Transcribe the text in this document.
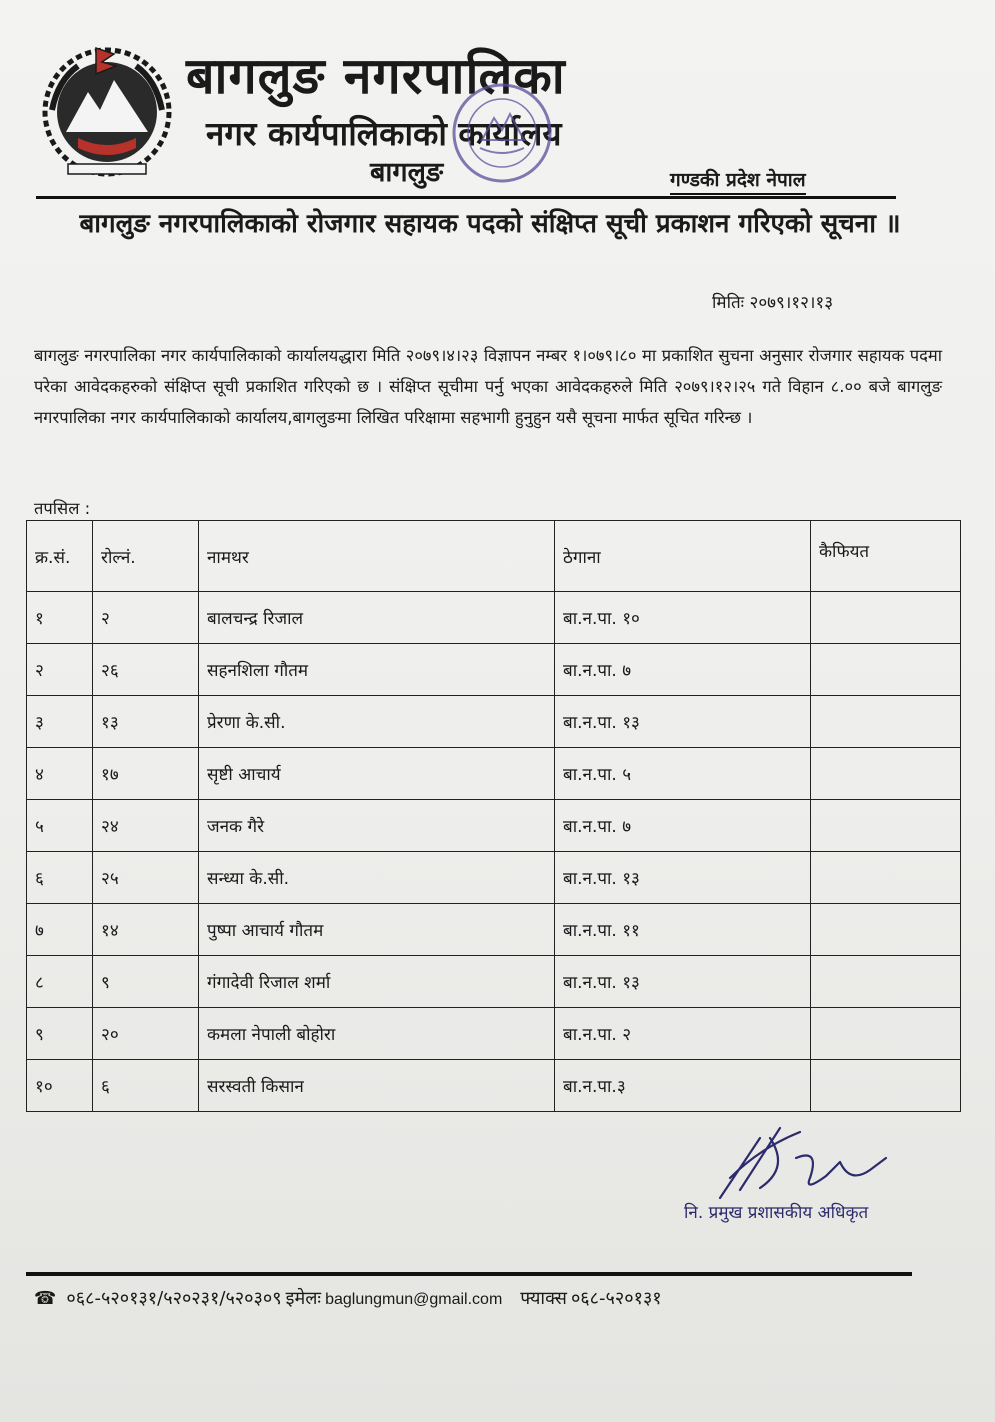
बागलुङ नगरपालिका
नगर कार्यपालिकाको कार्यालय
बागलुङ	गण्डकी प्रदेश नेपाल
बागलुङ नगरपालिकाको रोजगार सहायक पदको संक्षिप्त सूची प्रकाशन गरिएको सूचना ॥
मितिः २०७९।१२।१३
बागलुङ नगरपालिका नगर कार्यपालिकाको कार्यालयद्धारा मिति २०७९।४।२३ विज्ञापन नम्बर १।०७९।८० मा प्रकाशित सुचना अनुसार रोजगार सहायक पदमा परेका आवेदकहरुको संक्षिप्त सूची प्रकाशित गरिएको छ । संक्षिप्त सूचीमा पर्नु भएका आवेदकहरुले मिति २०७९।१२।२५ गते विहान ८.०० बजे बागलुङ नगरपालिका नगर कार्यपालिकाको कार्यालय,बागलुङमा लिखित परिक्षामा सहभागी हुनुहुन यसै सूचना मार्फत सूचित गरिन्छ ।
तपसिल :
क्र.सं.	रोल्नं.	नामथर	ठेगाना	कैफियत
१	२	बालचन्द्र रिजाल	बा.न.पा. १०	
२	२६	सहनशिला गौतम	बा.न.पा. ७	
३	१३	प्रेरणा के.सी.	बा.न.पा. १३	
४	१७	सृष्टी आचार्य	बा.न.पा. ५	
५	२४	जनक गैरे	बा.न.पा. ७	
६	२५	सन्ध्या के.सी.	बा.न.पा. १३	
७	१४	पुष्पा आचार्य गौतम	बा.न.पा. ११	
८	९	गंगादेवी रिजाल शर्मा	बा.न.पा. १३	
९	२०	कमला नेपाली बोहोरा	बा.न.पा. २	
१०	६	सरस्वती किसान	बा.न.पा.३	
नि. प्रमुख प्रशासकीय अधिकृत
☎ ०६८-५२०१३१/५२०२३१/५२०३०९ इमेलः baglungmun@gmail.com फ्याक्स ०६८-५२०१३१
